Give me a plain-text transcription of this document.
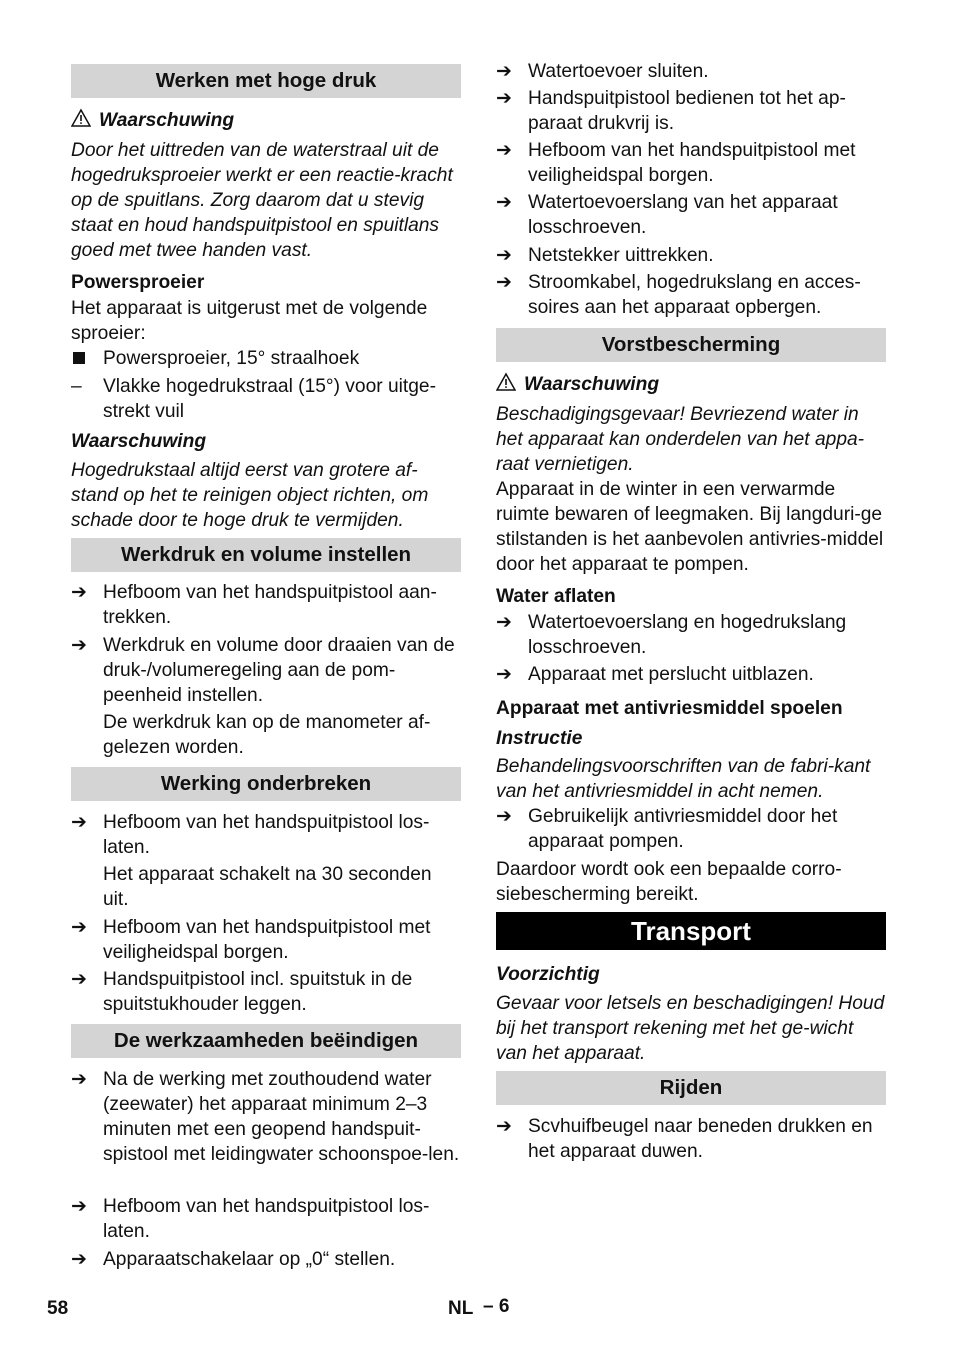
Werken met hoge druk
Waarschuwing
Door het uittreden van de waterstraal uit de hogedruksproeier werkt er een reactie-kracht op de spuitlans. Zorg daarom dat u stevig staat en houd handspuitpistool en spuitlans goed met twee handen vast.
Powersproeier
Het apparaat is uitgerust met de volgende sproeier:
Powersproeier, 15° straalhoek
–	Vlakke hogedrukstraal (15°) voor uitge-strekt vuil
Waarschuwing
Hogedrukstaal altijd eerst van grotere af-stand op het te reinigen object richten, om schade door te hoge druk te vermijden.
Werkdruk en volume instellen
➔ Hefboom van het handspuitpistool aan-trekken.
➔ Werkdruk en volume door draaien van de druk-/volumeregeling aan de pom-peenheid instellen.
De werkdruk kan op de manometer af-gelezen worden.
Werking onderbreken
➔ Hefboom van het handspuitpistool los-laten.
Het apparaat schakelt na 30 seconden uit.
➔ Hefboom van het handspuitpistool met veiligheidspal borgen.
➔ Handspuitpistool incl. spuitstuk in de spuitstukhouder leggen.
De werkzaamheden beëindigen
➔ Na de werking met zouthoudend water (zeewater) het apparaat minimum 2–3 minuten met een geopend handspuit-spistool met leidingwater schoonspoe-len.
➔ Hefboom van het handspuitpistool los-laten.
➔ Apparaatschakelaar op „0“ stellen.
➔ Watertoevoer sluiten.
➔ Handspuitpistool bedienen tot het ap-paraat drukvrij is.
➔ Hefboom van het handspuitpistool met veiligheidspal borgen.
➔ Watertoevoerslang van het apparaat losschroeven.
➔ Netstekker uittrekken.
➔ Stroomkabel, hogedrukslang en acces-soires aan het apparaat opbergen.
Vorstbescherming
Waarschuwing
Beschadigingsgevaar! Bevriezend water in het apparaat kan onderdelen van het appa-raat vernietigen.
Apparaat in de winter in een verwarmde ruimte bewaren of leegmaken. Bij langduri-ge stilstanden is het aanbevolen antivries-middel door het apparaat te pompen.
Water aflaten
➔ Watertoevoerslang en hogedrukslang losschroeven.
➔ Apparaat met perslucht uitblazen.
Apparaat met antivriesmiddel spoelen
Instructie
Behandelingsvoorschriften van de fabri-kant van het antivriesmiddel in acht nemen.
➔ Gebruikelijk antivriesmiddel door het apparaat pompen.
Daardoor wordt ook een bepaalde corro-siebescherming bereikt.
Transport
Voorzichtig
Gevaar voor letsels en beschadigingen! Houd bij het transport rekening met het ge-wicht van het apparaat.
Rijden
➔ Scvhuifbeugel naar beneden drukken en het apparaat duwen.
58	NL – 6
